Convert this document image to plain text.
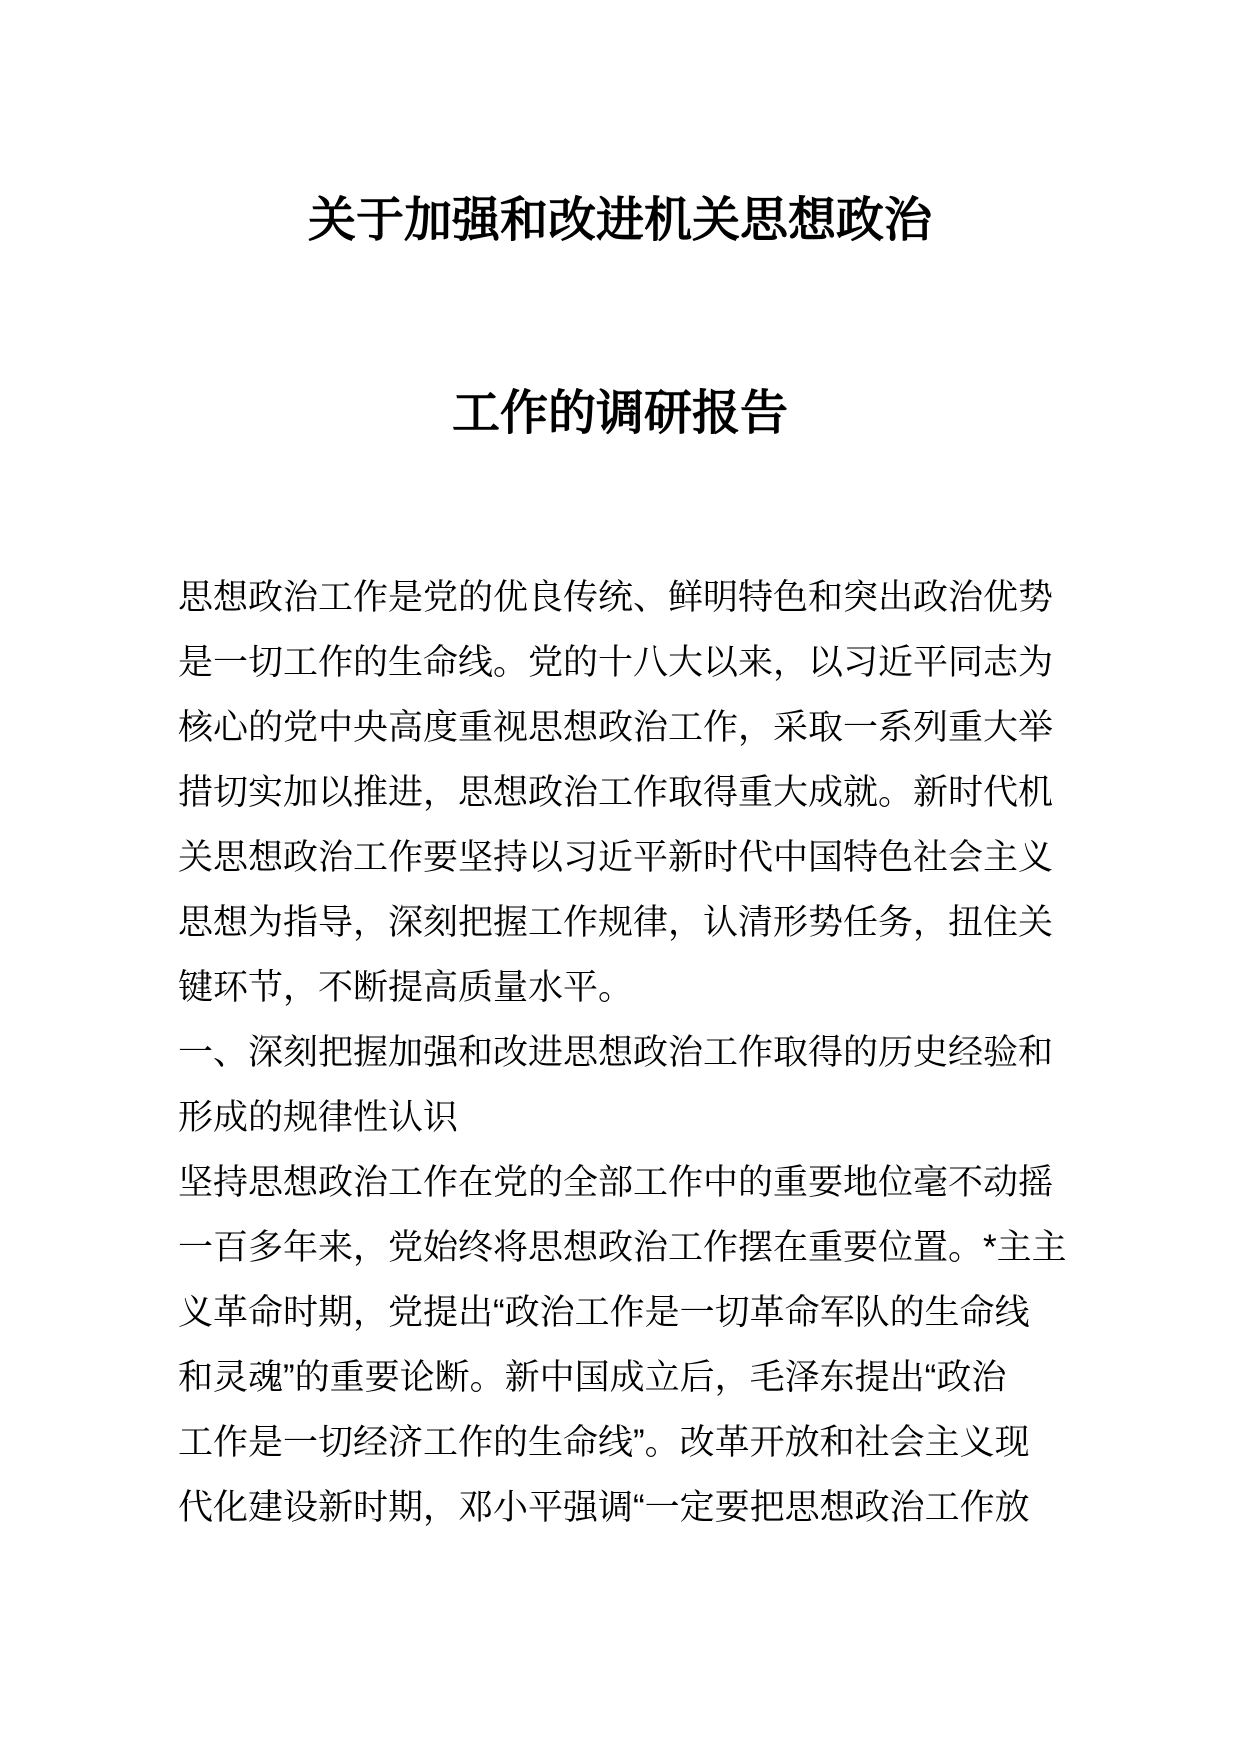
关于加强和改进机关思想政治
工作的调研报告

思想政治工作是党的优良传统、鲜明特色和突出政治优势

是一切工作的生命线。党的十八大以来，以习近平同志为

核心的党中央高度重视思想政治工作，采取一系列重大举

措切实加以推进，思想政治工作取得重大成就。新时代机

关思想政治工作要坚持以习近平新时代中国特色社会主义

思想为指导，深刻把握工作规律，认清形势任务，扭住关

键环节，不断提高质量水平。

一、深刻把握加强和改进思想政治工作取得的历史经验和

形成的规律性认识

坚持思想政治工作在党的全部工作中的重要地位毫不动摇

一百多年来，党始终将思想政治工作摆在重要位置。*主主

义革命时期，党提出“政治工作是一切革命军队的生命线

和灵魂”的重要论断。新中国成立后，毛泽东提出“政治

工作是一切经济工作的生命线”。改革开放和社会主义现

代化建设新时期，邓小平强调“一定要把思想政治工作放
